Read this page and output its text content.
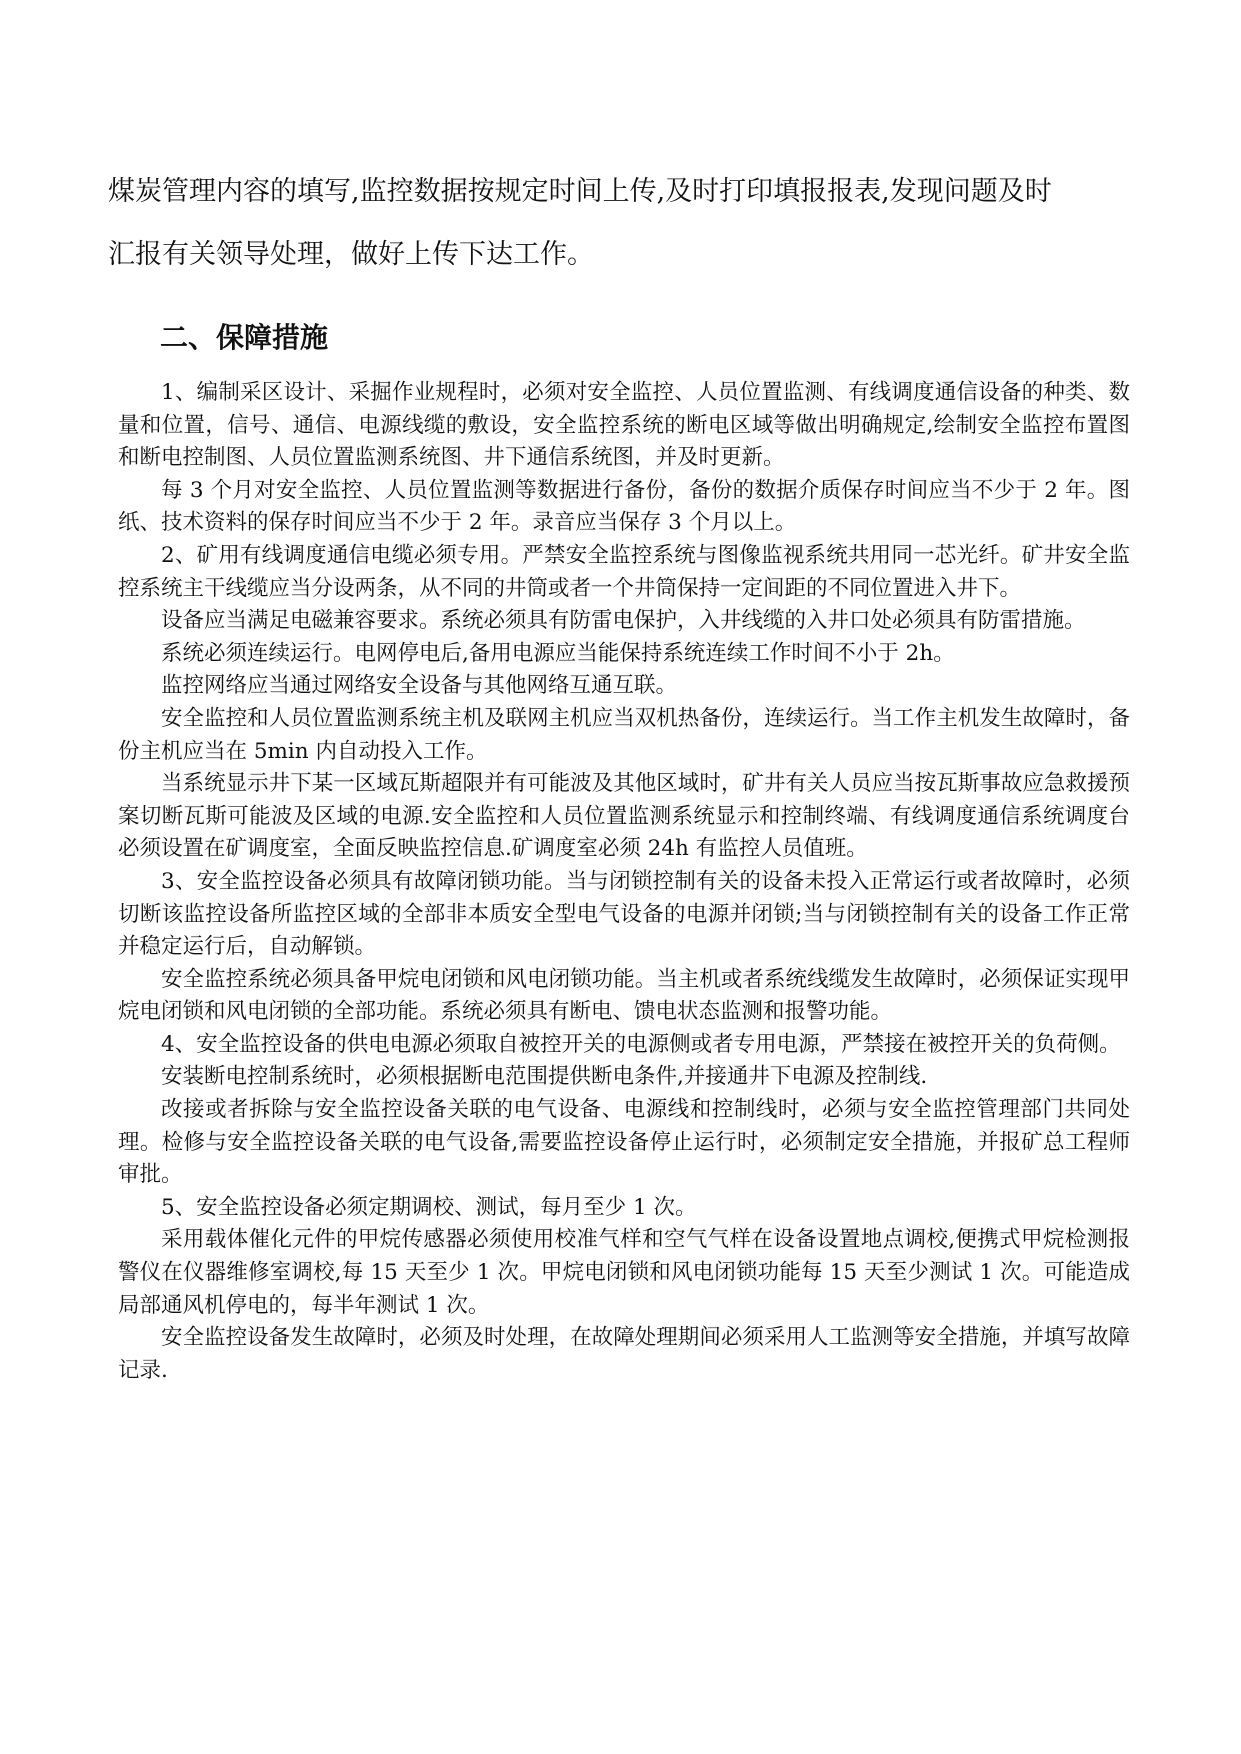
煤炭管理内容的填写,监控数据按规定时间上传,及时打印填报报表,发现问题及时

汇报有关领导处理，做好上传下达工作。

二、保障措施

1、编制采区设计、采掘作业规程时，必须对安全监控、人员位置监测、有线调度通信设备的种类、数量和位置，信号、通信、电源线缆的敷设，安全监控系统的断电区域等做出明确规定,绘制安全监控布置图和断电控制图、人员位置监测系统图、井下通信系统图，并及时更新。

每 3 个月对安全监控、人员位置监测等数据进行备份，备份的数据介质保存时间应当不少于 2 年。图纸、技术资料的保存时间应当不少于 2 年。录音应当保存 3 个月以上。

2、矿用有线调度通信电缆必须专用。严禁安全监控系统与图像监视系统共用同一芯光纤。矿井安全监控系统主干线缆应当分设两条，从不同的井筒或者一个井筒保持一定间距的不同位置进入井下。

设备应当满足电磁兼容要求。系统必须具有防雷电保护，入井线缆的入井口处必须具有防雷措施。

系统必须连续运行。电网停电后,备用电源应当能保持系统连续工作时间不小于 2h。

监控网络应当通过网络安全设备与其他网络互通互联。

安全监控和人员位置监测系统主机及联网主机应当双机热备份，连续运行。当工作主机发生故障时，备份主机应当在 5min 内自动投入工作。

当系统显示井下某一区域瓦斯超限并有可能波及其他区域时，矿井有关人员应当按瓦斯事故应急救援预案切断瓦斯可能波及区域的电源.安全监控和人员位置监测系统显示和控制终端、有线调度通信系统调度台必须设置在矿调度室，全面反映监控信息.矿调度室必须 24h 有监控人员值班。

3、安全监控设备必须具有故障闭锁功能。当与闭锁控制有关的设备未投入正常运行或者故障时，必须切断该监控设备所监控区域的全部非本质安全型电气设备的电源并闭锁;当与闭锁控制有关的设备工作正常并稳定运行后，自动解锁。

安全监控系统必须具备甲烷电闭锁和风电闭锁功能。当主机或者系统线缆发生故障时，必须保证实现甲烷电闭锁和风电闭锁的全部功能。系统必须具有断电、馈电状态监测和报警功能。

4、安全监控设备的供电电源必须取自被控开关的电源侧或者专用电源，严禁接在被控开关的负荷侧。

安装断电控制系统时，必须根据断电范围提供断电条件,并接通井下电源及控制线.

改接或者拆除与安全监控设备关联的电气设备、电源线和控制线时，必须与安全监控管理部门共同处理。检修与安全监控设备关联的电气设备,需要监控设备停止运行时，必须制定安全措施，并报矿总工程师审批。

5、安全监控设备必须定期调校、测试，每月至少 1 次。

采用载体催化元件的甲烷传感器必须使用校准气样和空气气样在设备设置地点调校,便携式甲烷检测报警仪在仪器维修室调校,每 15 天至少 1 次。甲烷电闭锁和风电闭锁功能每 15 天至少测试 1 次。可能造成局部通风机停电的，每半年测试 1 次。

安全监控设备发生故障时，必须及时处理，在故障处理期间必须采用人工监测等安全措施，并填写故障记录.
